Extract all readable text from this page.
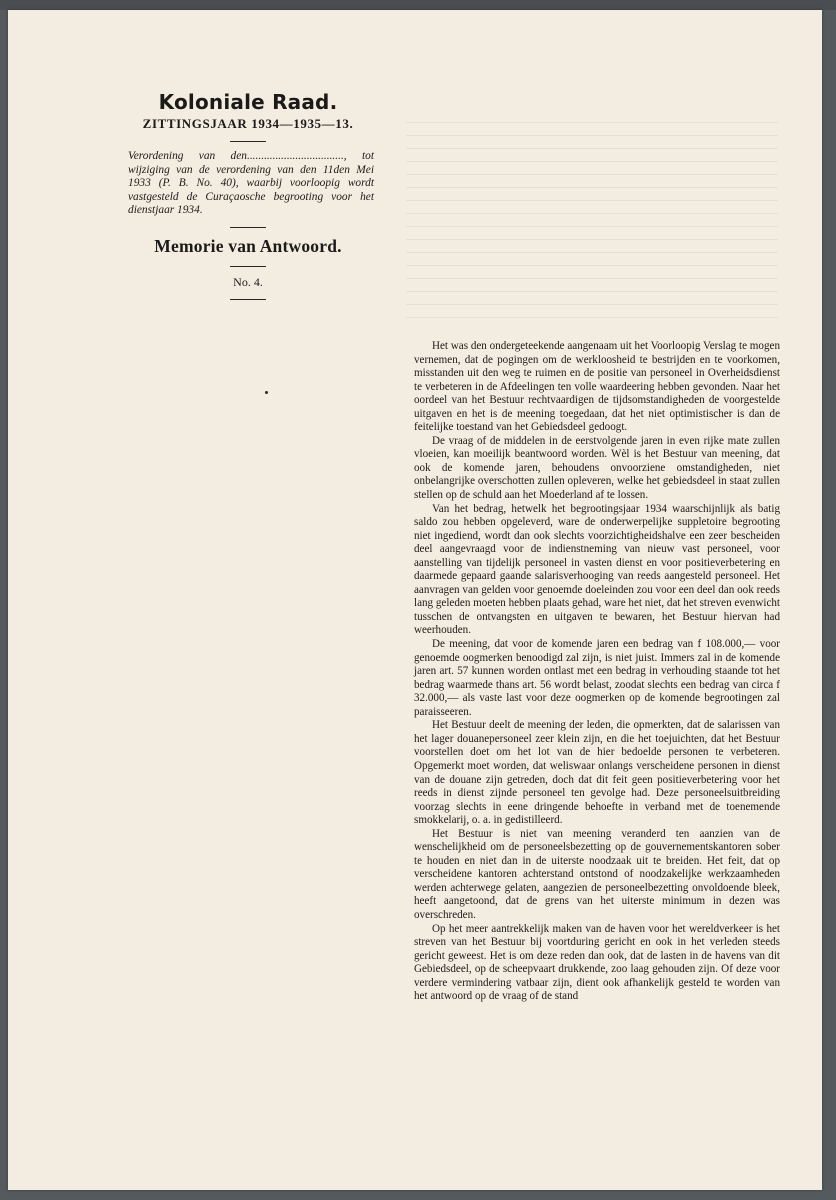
Koloniale Raad.
ZITTINGSJAAR 1934—1935—13.
Verordening van den.................................., tot wijziging van de verordening van den 11den Mei 1933 (P. B. No. 40), waarbij voorloopig wordt vastgesteld de Curaçaosche begrooting voor het dienstjaar 1934.
Memorie van Antwoord.
No. 4.

Het was den ondergeteekende aangenaam uit het Voorloopig Verslag te mogen vernemen, dat de pogingen om de werkloosheid te bestrijden en te voorkomen, misstanden uit den weg te ruimen en de positie van personeel in Overheidsdienst te verbeteren in de Afdeelingen ten volle waardeering hebben gevonden. Naar het oordeel van het Bestuur rechtvaardigen de tijdsomstandigheden de voorgestelde uitgaven en het is de meening toegedaan, dat het niet optimistischer is dan de feitelijke toestand van het Gebiedsdeel gedoogt.

De vraag of de middelen in de eerstvolgende jaren in even rijke mate zullen vloeien, kan moeilijk beantwoord worden. Wèl is het Bestuur van meening, dat ook de komende jaren, behoudens onvoorziene omstandigheden, niet onbelangrijke overschotten zullen opleveren, welke het gebiedsdeel in staat zullen stellen op de schuld aan het Moederland af te lossen.

Van het bedrag, hetwelk het begrootingsjaar 1934 waarschijnlijk als batig saldo zou hebben opgeleverd, ware de onderwerpelijke suppletoire begrooting niet ingediend, wordt dan ook slechts voorzichtigheidshalve een zeer bescheiden deel aangevraagd voor de indienstneming van nieuw vast personeel, voor aanstelling van tijdelijk personeel in vasten dienst en voor positieverbetering en daarmede gepaard gaande salarisverhooging van reeds aangesteld personeel. Het aanvragen van gelden voor genoemde doeleinden zou voor een deel dan ook reeds lang geleden moeten hebben plaats gehad, ware het niet, dat het streven evenwicht tusschen de ontvangsten en uitgaven te bewaren, het Bestuur hiervan had weerhouden.

De meening, dat voor de komende jaren een bedrag van f 108.000,— voor genoemde oogmerken benoodigd zal zijn, is niet juist. Immers zal in de komende jaren art. 57 kunnen worden ontlast met een bedrag in verhouding staande tot het bedrag waarmede thans art. 56 wordt belast, zoodat slechts een bedrag van circa f 32.000,— als vaste last voor deze oogmerken op de komende begrootingen zal paraisseeren.

Het Bestuur deelt de meening der leden, die opmerkten, dat de salarissen van het lager douanepersoneel zeer klein zijn, en die het toejuichten, dat het Bestuur voorstellen doet om het lot van de hier bedoelde personen te verbeteren. Opgemerkt moet worden, dat weliswaar onlangs verscheidene personen in dienst van de douane zijn getreden, doch dat dit feit geen positieverbetering voor het reeds in dienst zijnde personeel ten gevolge had. Deze personeelsuitbreiding voorzag slechts in eene dringende behoefte in verband met de toenemende smokkelarij, o. a. in gedistilleerd.

Het Bestuur is niet van meening veranderd ten aanzien van de wenschelijkheid om de personeelsbezetting op de gouvernementskantoren sober te houden en niet dan in de uiterste noodzaak uit te breiden. Het feit, dat op verscheidene kantoren achterstand ontstond of noodzakelijke werkzaamheden werden achterwege gelaten, aangezien de personeelbezetting onvoldoende bleek, heeft aangetoond, dat de grens van het uiterste minimum in dezen was overschreden.

Op het meer aantrekkelijk maken van de haven voor het wereldverkeer is het streven van het Bestuur bij voortduring gericht en ook in het verleden steeds gericht geweest. Het is om deze reden dan ook, dat de lasten in de havens van dit Gebiedsdeel, op de scheepvaart drukkende, zoo laag gehouden zijn. Of deze voor verdere vermindering vatbaar zijn, dient ook afhankelijk gesteld te worden van het antwoord op de vraag of de stand
